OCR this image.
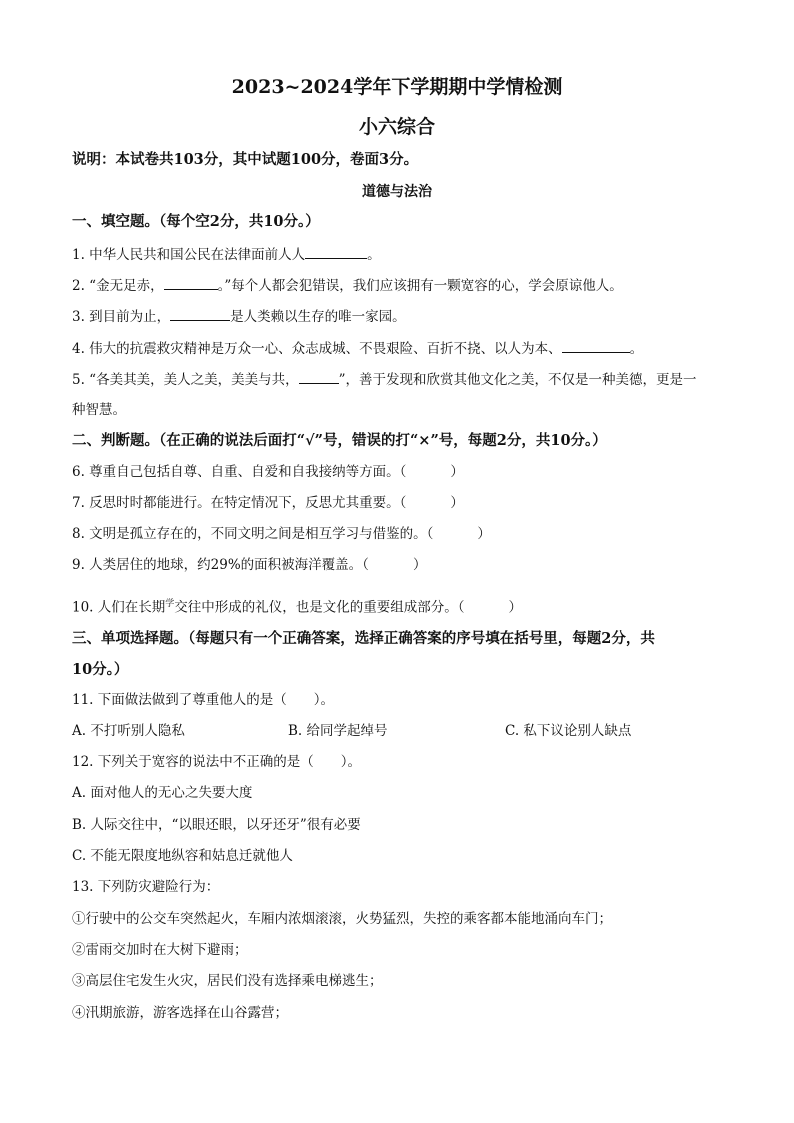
2023~2024学年下学期期中学情检测
小六综合
说明：本试卷共103分，其中试题100分，卷面3分。
道德与法治
一、填空题。（每个空2分，共10分。）
1. 中华人民共和国公民在法律面前人人	。
2. “金无足赤，	。”每个人都会犯错误，我们应该拥有一颗宽容的心，学会原谅他人。
3. 到目前为止，	是人类赖以生存的唯一家园。
4. 伟大的抗震救灾精神是万众一心、众志成城、不畏艰险、百折不挠、以人为本、	。
5. “各美其美，美人之美，美美与共，	”，善于发现和欣赏其他文化之美，不仅是一种美德，更是一
种智慧。
二、判断题。（在正确的说法后面打“√”号，错误的打“×”号，每题2分，共10分。）
6. 尊重自己包括自尊、自重、自爱和自我接纳等方面。（	）
7. 反思时时都能进行。在特定情况下，反思尤其重要。（	）
8. 文明是孤立存在的，不同文明之间是相互学习与借鉴的。（	）
9. 人类居住的地球，约29%的面积被海洋覆盖。（	）
10. 人们在长期$^学$交往中形成的礼仪，也是文化的重要组成部分。（	）
三、单项选择题。（每题只有一个正确答案，选择正确答案的序号填在括号里，每题2分，共
10分。）
11. 下面做法做到了尊重他人的是（　　）。
A. 不打听别人隐私	B. 给同学起绰号	C. 私下议论别人缺点
12. 下列关于宽容的说法中不正确的是（　　）。
A. 面对他人的无心之失要大度
B. 人际交往中，“以眼还眼，以牙还牙”很有必要
C. 不能无限度地纵容和姑息迁就他人
13. 下列防灾避险行为：
①行驶中的公交车突然起火，车厢内浓烟滚滚，火势猛烈，失控的乘客都本能地涌向车门；
②雷雨交加时在大树下避雨；
③高层住宅发生火灾，居民们没有选择乘电梯逃生；
④汛期旅游，游客选择在山谷露营；
